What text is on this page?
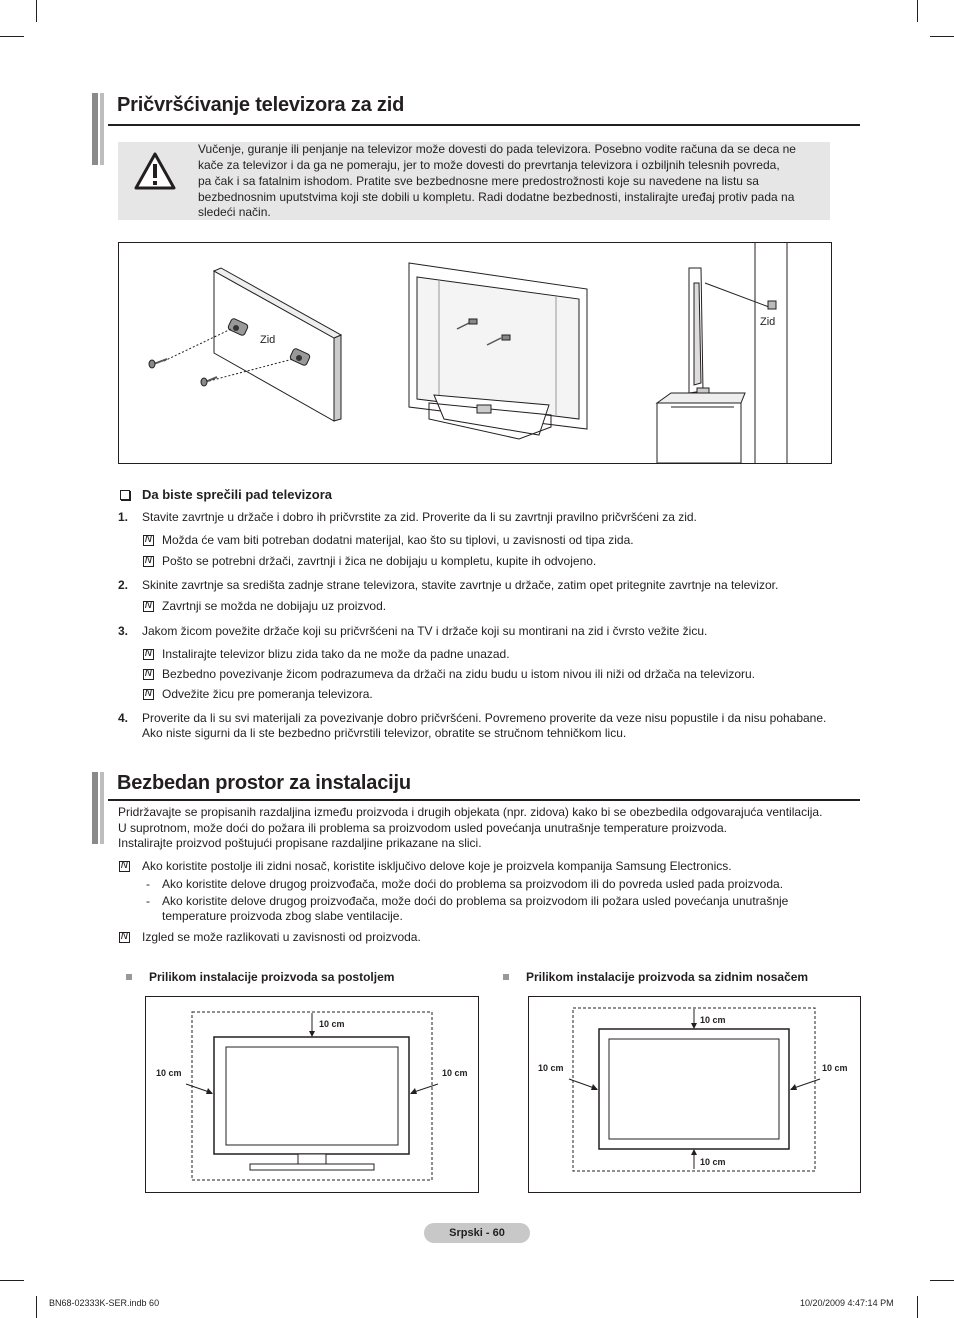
Pričvršćivanje televizora za zid
Vučenje, guranje ili penjanje na televizor može dovesti do pada televizora. Posebno vodite računa da se deca ne
kače za televizor i da ga ne pomeraju, jer to može dovesti do prevrtanja televizora i ozbiljnih telesnih povreda,
pa čak i sa fatalnim ishodom. Pratite sve bezbednosne mere predostrožnosti koje su navedene na listu sa
bezbednosnim uputstvima koji ste dobili u kompletu. Radi dodatne bezbednosti, instalirajte uređaj protiv pada na
sledeći način.
Zid
Zid
Da biste sprečili pad televizora
1. Stavite zavrtnje u držače i dobro ih pričvrstite za zid. Proverite da li su zavrtnji pravilno pričvršćeni za zid.
N
Možda će vam biti potreban dodatni materijal, kao što su tiplovi, u zavisnosti od tipa zida.
N
Pošto se potrebni držači, zavrtnji i žica ne dobijaju u kompletu, kupite ih odvojeno.
2. Skinite zavrtnje sa središta zadnje strane televizora, stavite zavrtnje u držače, zatim opet pritegnite zavrtnje na televizor.
N
Zavrtnji se možda ne dobijaju uz proizvod.
3. Jakom žicom povežite držače koji su pričvršćeni na TV i držače koji su montirani na zid i čvrsto vežite žicu.
N
Instalirajte televizor blizu zida tako da ne može da padne unazad.
N
Bezbedno povezivanje žicom podrazumeva da držači na zidu budu u istom nivou ili niži od držača na televizoru.
N
Odvežite žicu pre pomeranja televizora.
4. Proverite da li su svi materijali za povezivanje dobro pričvršćeni. Povremeno proverite da veze nisu popustile i da nisu pohabane.
Ako niste sigurni da li ste bezbedno pričvrstili televizor, obratite se stručnom tehničkom licu.
Bezbedan prostor za instalaciju
Pridržavajte se propisanih razdaljina između proizvoda i drugih objekata (npr. zidova) kako bi se obezbedila odgovarajuća ventilacija.
U suprotnom, može doći do požara ili problema sa proizvodom usled povećanja unutrašnje temperature proizvoda.
Instalirajte proizvod poštujući propisane razdaljine prikazane na slici.
N
Ako koristite postolje ili zidni nosač, koristite isključivo delove koje je proizvela kompanija Samsung Electronics.
- Ako koristite delove drugog proizvođača, može doći do problema sa proizvodom ili do povreda usled pada proizvoda.
- Ako koristite delove drugog proizvođača, može doći do problema sa proizvodom ili požara usled povećanja unutrašnje
temperature proizvoda zbog slabe ventilacije.
N
Izgled se može razlikovati u zavisnosti od proizvoda.
Prilikom instalacije proizvoda sa postoljem	Prilikom instalacije proizvoda sa zidnim nosačem
10 cm
10 cm	10 cm
10 cm
10 cm
10 cm	10 cm
Srpski - 60
BN68-02333K-SER.indb 60	10/20/2009 4:47:14 PM
